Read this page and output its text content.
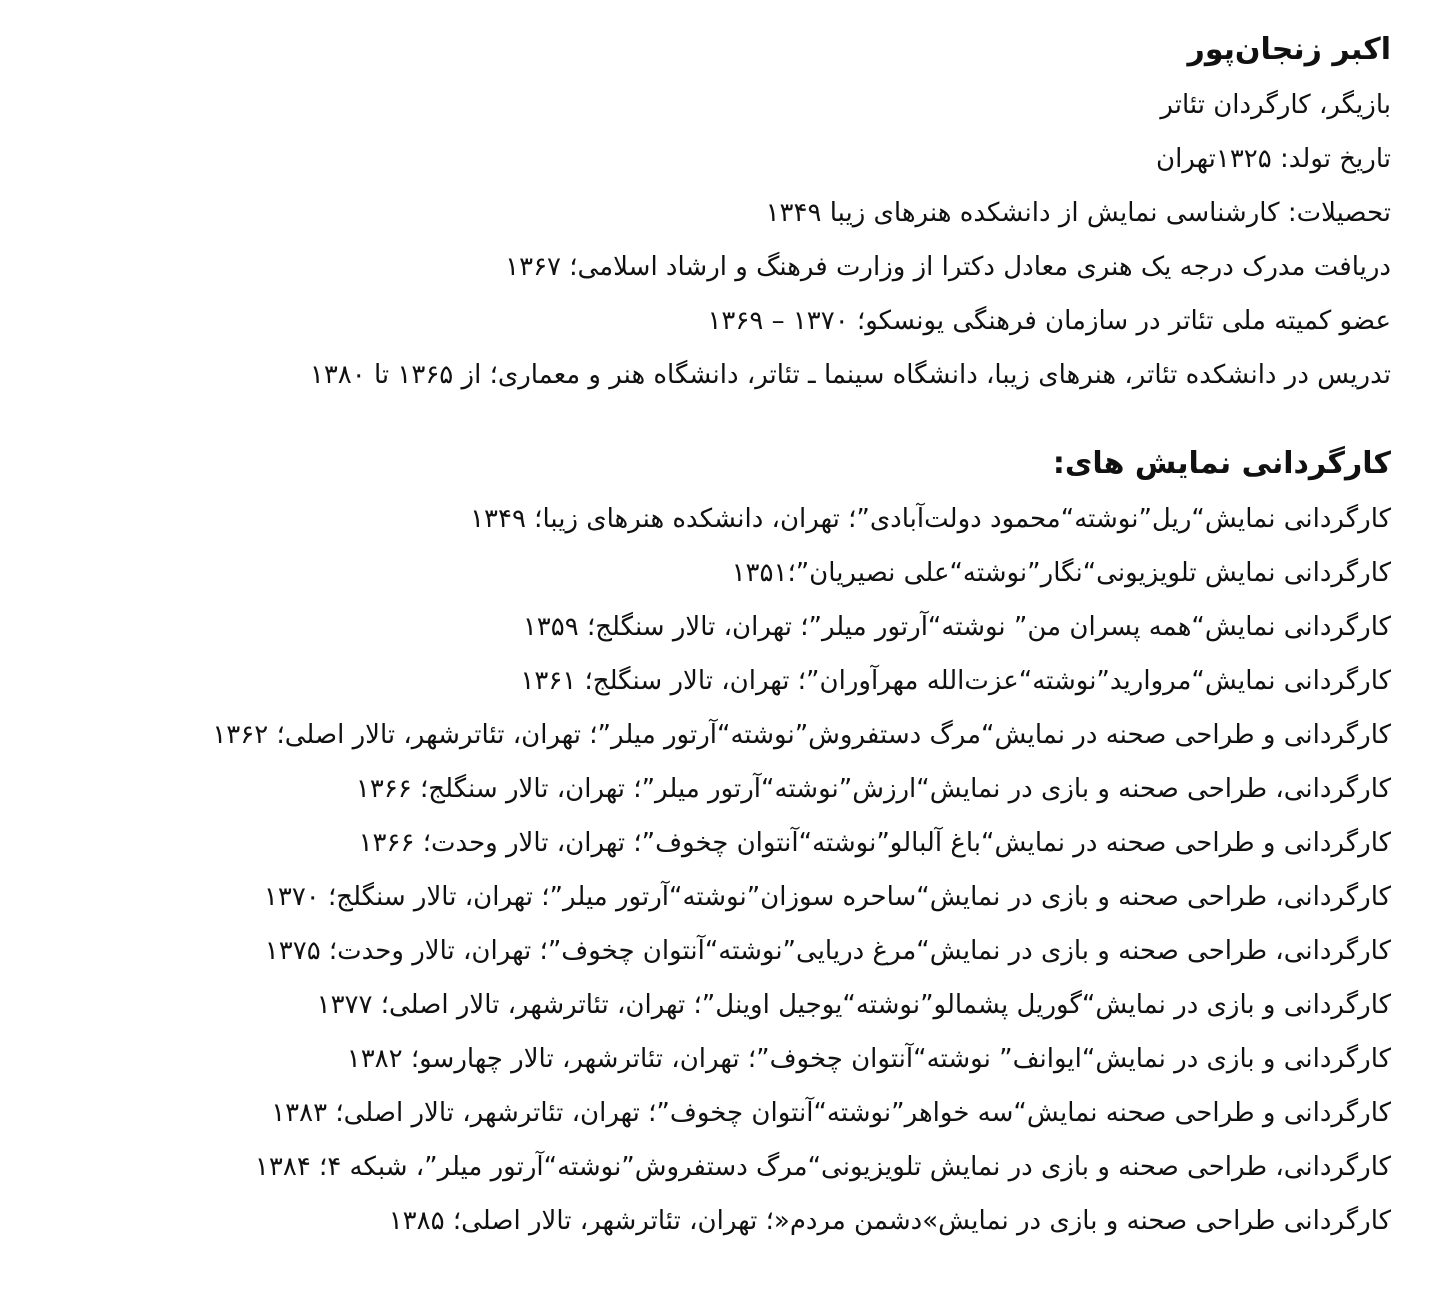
اکبر زنجان‌پور
بازیگر، کارگردان تئاتر
تاریخ تولد: ۱۳۲۵تهران
تحصیلات: کارشناسی نمایش از دانشکده هنرهای زیبا ۱۳۴۹
دریافت مدرک درجه یک هنری معادل دکترا از وزارت فرهنگ و ارشاد اسلامی؛ ۱۳۶۷
عضو کمیته ملی تئاتر در سازمان فرهنگی یونسکو؛ ۱۳۷۰ – ۱۳۶۹
تدریس در دانشکده تئاتر، هنرهای زیبا، دانشگاه سینما ـ تئاتر، دانشگاه هنر و معماری؛ از ۱۳۶۵ تا ۱۳۸۰
کارگردانی نمایش های:
کارگردانی نمایش“ریل”نوشته“محمود دولت‌آبادی”؛ تهران، دانشکده هنرهای زیبا؛ ۱۳۴۹
کارگردانی نمایش تلویزیونی“نگار”نوشته“علی نصیریان”؛۱۳۵۱
کارگردانی نمایش“همه پسران من” نوشته“آرتور میلر”؛ تهران، تالار سنگلج؛ ۱۳۵۹
کارگردانی نمایش“مروارید”نوشته“عزت‌الله مهرآوران”؛ تهران، تالار سنگلج؛ ۱۳۶۱
کارگردانی و طراحی صحنه در نمایش“مرگ دستفروش”نوشته“آرتور میلر”؛ تهران، تئاترشهر، تالار اصلی؛ ۱۳۶۲
کارگردانی، طراحی صحنه و بازی در نمایش“ارزش”نوشته“آرتور میلر”؛ تهران، تالار سنگلج؛ ۱۳۶۶
کارگردانی و طراحی صحنه در نمایش“باغ آلبالو”نوشته“آنتوان چخوف”؛ تهران، تالار وحدت؛ ۱۳۶۶
کارگردانی، طراحی صحنه و بازی در نمایش“ساحره سوزان”نوشته“آرتور میلر”؛ تهران، تالار سنگلج؛ ۱۳۷۰
کارگردانی، طراحی صحنه و بازی در نمایش“مرغ دریایی”نوشته“آنتوان چخوف”؛ تهران، تالار وحدت؛ ۱۳۷۵
کارگردانی و بازی در نمایش“گوریل پشمالو”نوشته“یوجیل اوینل”؛ تهران، تئاترشهر، تالار اصلی؛ ۱۳۷۷
کارگردانی و بازی در نمایش“ایوانف” نوشته“آنتوان چخوف”؛ تهران، تئاترشهر، تالار چهارسو؛ ۱۳۸۲
کارگردانی و طراحی صحنه نمایش“سه خواهر”نوشته“آنتوان چخوف”؛ تهران، تئاترشهر، تالار اصلی؛ ۱۳۸۳
کارگردانی، طراحی صحنه و بازی در نمایش تلویزیونی“مرگ دستفروش”نوشته“آرتور میلر”، شبکه ۴؛ ۱۳۸۴
کارگردانی طراحی صحنه و بازی در نمایش»دشمن مردم«؛ تهران، تئاترشهر، تالار اصلی؛ ۱۳۸۵
